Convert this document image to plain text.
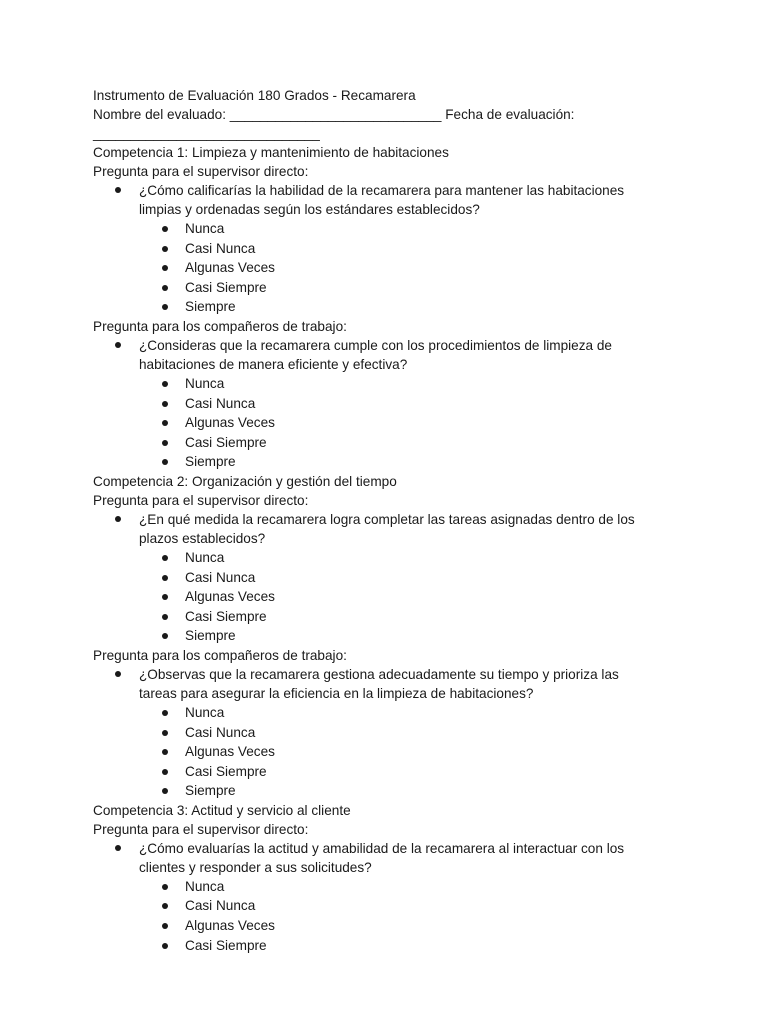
Instrumento de Evaluación 180 Grados - Recamarera
Nombre del evaluado: ____________________________ Fecha de evaluación:
______________________________
Competencia 1: Limpieza y mantenimiento de habitaciones
Pregunta para el supervisor directo:
¿Cómo calificarías la habilidad de la recamarera para mantener las habitaciones
limpias y ordenadas según los estándares establecidos?
Nunca
Casi Nunca
Algunas Veces
Casi Siempre
Siempre
Pregunta para los compañeros de trabajo:
¿Consideras que la recamarera cumple con los procedimientos de limpieza de
habitaciones de manera eficiente y efectiva?
Nunca
Casi Nunca
Algunas Veces
Casi Siempre
Siempre
Competencia 2: Organización y gestión del tiempo
Pregunta para el supervisor directo:
¿En qué medida la recamarera logra completar las tareas asignadas dentro de los
plazos establecidos?
Nunca
Casi Nunca
Algunas Veces
Casi Siempre
Siempre
Pregunta para los compañeros de trabajo:
¿Observas que la recamarera gestiona adecuadamente su tiempo y prioriza las
tareas para asegurar la eficiencia en la limpieza de habitaciones?
Nunca
Casi Nunca
Algunas Veces
Casi Siempre
Siempre
Competencia 3: Actitud y servicio al cliente
Pregunta para el supervisor directo:
¿Cómo evaluarías la actitud y amabilidad de la recamarera al interactuar con los
clientes y responder a sus solicitudes?
Nunca
Casi Nunca
Algunas Veces
Casi Siempre
